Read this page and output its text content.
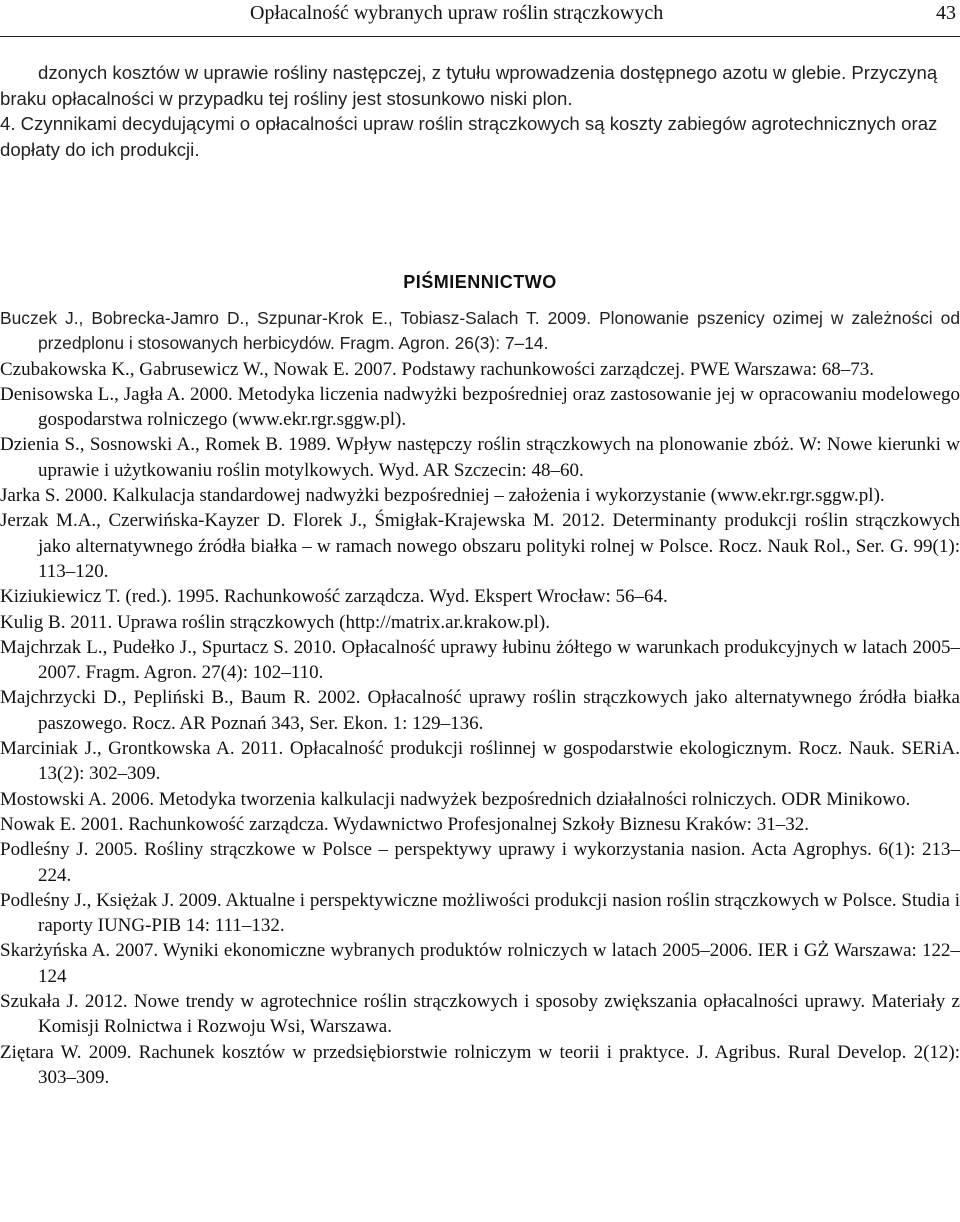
Opłacalność wybranych upraw roślin strączkowych	43

dzonych kosztów w uprawie rośliny następczej, z tytułu wprowadzenia dostępnego azotu w glebie. Przyczyną braku opłacalności w przypadku tej rośliny jest stosunkowo niski plon.

4. Czynnikami decydującymi o opłacalności upraw roślin strączkowych są koszty zabiegów agrotechnicznych oraz dopłaty do ich produkcji.

PIŚMIENNICTWO

Buczek J., Bobrecka-Jamro D., Szpunar-Krok E., Tobiasz-Salach T. 2009. Plonowanie pszenicy ozimej w zależności od przedplonu i stosowanych herbicydów. Fragm. Agron. 26(3): 7–14.

Czubakowska K., Gabrusewicz W., Nowak E. 2007. Podstawy rachunkowości zarządczej. PWE Warszawa: 68–73.

Denisowska L., Jagła A. 2000. Metodyka liczenia nadwyżki bezpośredniej oraz zastosowanie jej w opracowaniu modelowego gospodarstwa rolniczego (www.ekr.rgr.sggw.pl).

Dzienia S., Sosnowski A., Romek B. 1989. Wpływ następczy roślin strączkowych na plonowanie zbóż. W: Nowe kierunki w uprawie i użytkowaniu roślin motylkowych. Wyd. AR Szczecin: 48–60.

Jarka S. 2000. Kalkulacja standardowej nadwyżki bezpośredniej – założenia i wykorzystanie (www.ekr.rgr.sggw.pl).

Jerzak M.A., Czerwińska-Kayzer D. Florek J., Śmigłak-Krajewska M. 2012. Determinanty produkcji roślin strączkowych jako alternatywnego źródła białka – w ramach nowego obszaru polityki rolnej w Polsce. Rocz. Nauk Rol., Ser. G. 99(1): 113–120.

Kiziukiewicz T. (red.). 1995. Rachunkowość zarządcza. Wyd. Ekspert Wrocław: 56–64.

Kulig B. 2011. Uprawa roślin strączkowych (http://matrix.ar.krakow.pl).

Majchrzak L., Pudełko J., Spurtacz S. 2010. Opłacalność uprawy łubinu żółtego w warunkach produkcyjnych w latach 2005–2007. Fragm. Agron. 27(4): 102–110.

Majchrzycki D., Pepliński B., Baum R. 2002. Opłacalność uprawy roślin strączkowych jako alternatywnego źródła białka paszowego. Rocz. AR Poznań 343, Ser. Ekon. 1: 129–136.

Marciniak J., Grontkowska A. 2011. Opłacalność produkcji roślinnej w gospodarstwie ekologicznym. Rocz. Nauk. SERiA. 13(2): 302–309.

Mostowski A. 2006. Metodyka tworzenia kalkulacji nadwyżek bezpośrednich działalności rolniczych. ODR Minikowo.

Nowak E. 2001. Rachunkowość zarządcza. Wydawnictwo Profesjonalnej Szkoły Biznesu Kraków: 31–32.

Podleśny J. 2005. Rośliny strączkowe w Polsce – perspektywy uprawy i wykorzystania nasion. Acta Agrophys. 6(1): 213–224.

Podleśny J., Księżak J. 2009. Aktualne i perspektywiczne możliwości produkcji nasion roślin strączkowych w Polsce. Studia i raporty IUNG-PIB 14: 111–132.

Skarżyńska A. 2007. Wyniki ekonomiczne wybranych produktów rolniczych w latach 2005–2006. IER i GŻ Warszawa: 122–124

Szukała J. 2012. Nowe trendy w agrotechnice roślin strączkowych i sposoby zwiększania opłacalności uprawy. Materiały z Komisji Rolnictwa i Rozwoju Wsi, Warszawa.

Ziętara W. 2009. Rachunek kosztów w przedsiębiorstwie rolniczym w teorii i praktyce. J. Agribus. Rural Develop. 2(12): 303–309.
